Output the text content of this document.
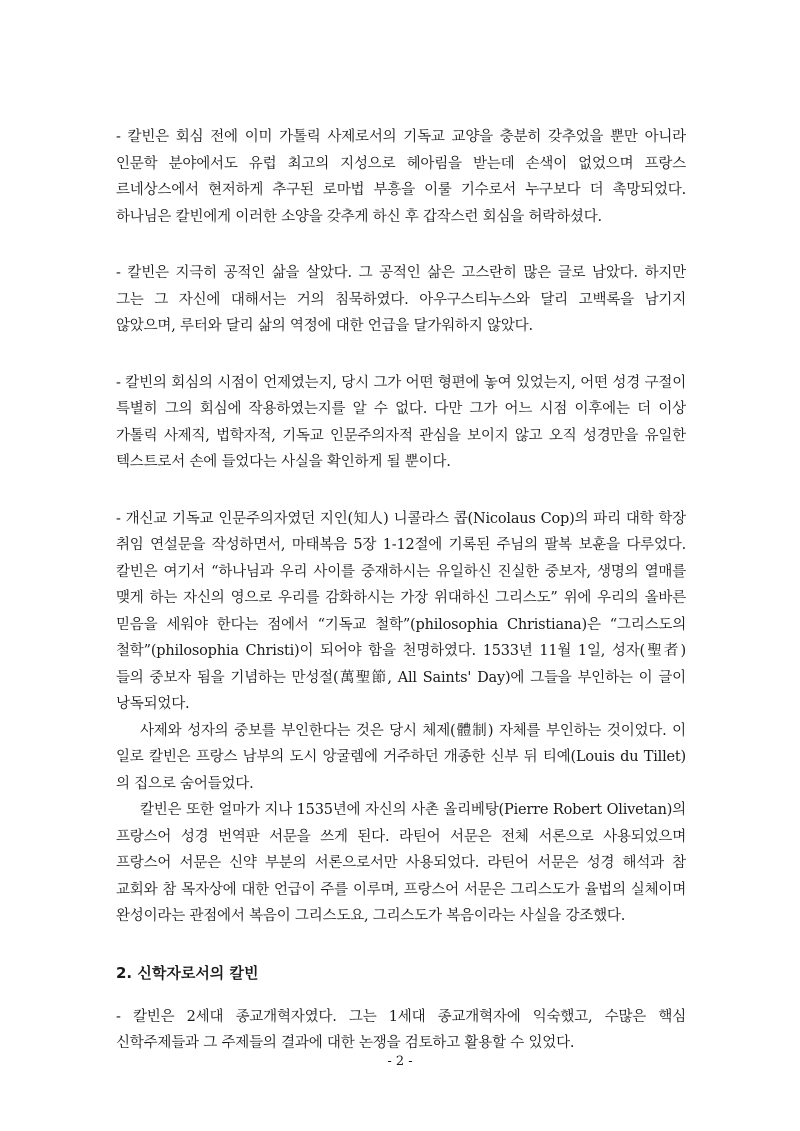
- 칼빈은 회심 전에 이미 가톨릭 사제로서의 기독교 교양을 충분히 갖추었을 뿐만 아니라 인문학 분야에서도 유럽 최고의 지성으로 헤아림을 받는데 손색이 없었으며 프랑스 르네상스에서 현저하게 추구된 로마법 부흥을 이룰 기수로서 누구보다 더 촉망되었다. 하나님은 칼빈에게 이러한 소양을 갖추게 하신 후 갑작스런 회심을 허락하셨다.

- 칼빈은 지극히 공적인 삶을 살았다. 그 공적인 삶은 고스란히 많은 글로 남았다. 하지만 그는 그 자신에 대해서는 거의 침묵하였다. 아우구스티누스와 달리 고백록을 남기지 않았으며, 루터와 달리 삶의 역정에 대한 언급을 달가워하지 않았다.

- 칼빈의 회심의 시점이 언제였는지, 당시 그가 어떤 형편에 놓여 있었는지, 어떤 성경 구절이 특별히 그의 회심에 작용하였는지를 알 수 없다. 다만 그가 어느 시점 이후에는 더 이상 가톨릭 사제직, 법학자적, 기독교 인문주의자적 관심을 보이지 않고 오직 성경만을 유일한 텍스트로서 손에 들었다는 사실을 확인하게 될 뿐이다.

- 개신교 기독교 인문주의자였던 지인(知人) 니콜라스 콥(Nicolaus Cop)의 파리 대학 학장 취임 연설문을 작성하면서, 마태복음 5장 1-12절에 기록된 주님의 팔복 보훈을 다루었다. 칼빈은 여기서 “하나님과 우리 사이를 중재하시는 유일하신 진실한 중보자, 생명의 열매를 맺게 하는 자신의 영으로 우리를 감화하시는 가장 위대하신 그리스도” 위에 우리의 올바른 믿음을 세워야 한다는 점에서 “기독교 철학”(philosophia Christiana)은 “그리스도의 철학”(philosophia Christi)이 되어야 함을 천명하였다. 1533년 11월 1일, 성자(聖者)들의 중보자 됨을 기념하는 만성절(萬聖節, All Saints' Day)에 그들을 부인하는 이 글이 낭독되었다.

사제와 성자의 중보를 부인한다는 것은 당시 체제(體制) 자체를 부인하는 것이었다. 이 일로 칼빈은 프랑스 남부의 도시 앙굴렘에 거주하던 개종한 신부 뒤 티예(Louis du Tillet)의 집으로 숨어들었다.

칼빈은 또한 얼마가 지나 1535년에 자신의 사촌 올리베탕(Pierre Robert Olivetan)의 프랑스어 성경 번역판 서문을 쓰게 된다. 라틴어 서문은 전체 서론으로 사용되었으며 프랑스어 서문은 신약 부분의 서론으로서만 사용되었다. 라틴어 서문은 성경 해석과 참 교회와 참 목자상에 대한 언급이 주를 이루며, 프랑스어 서문은 그리스도가 율법의 실체이며 완성이라는 관점에서 복음이 그리스도요, 그리스도가 복음이라는 사실을 강조했다.

2. 신학자로서의 칼빈

- 칼빈은 2세대 종교개혁자였다. 그는 1세대 종교개혁자에 익숙했고, 수많은 핵심 신학주제들과 그 주제들의 결과에 대한 논쟁을 검토하고 활용할 수 있었다.

- 2 -
